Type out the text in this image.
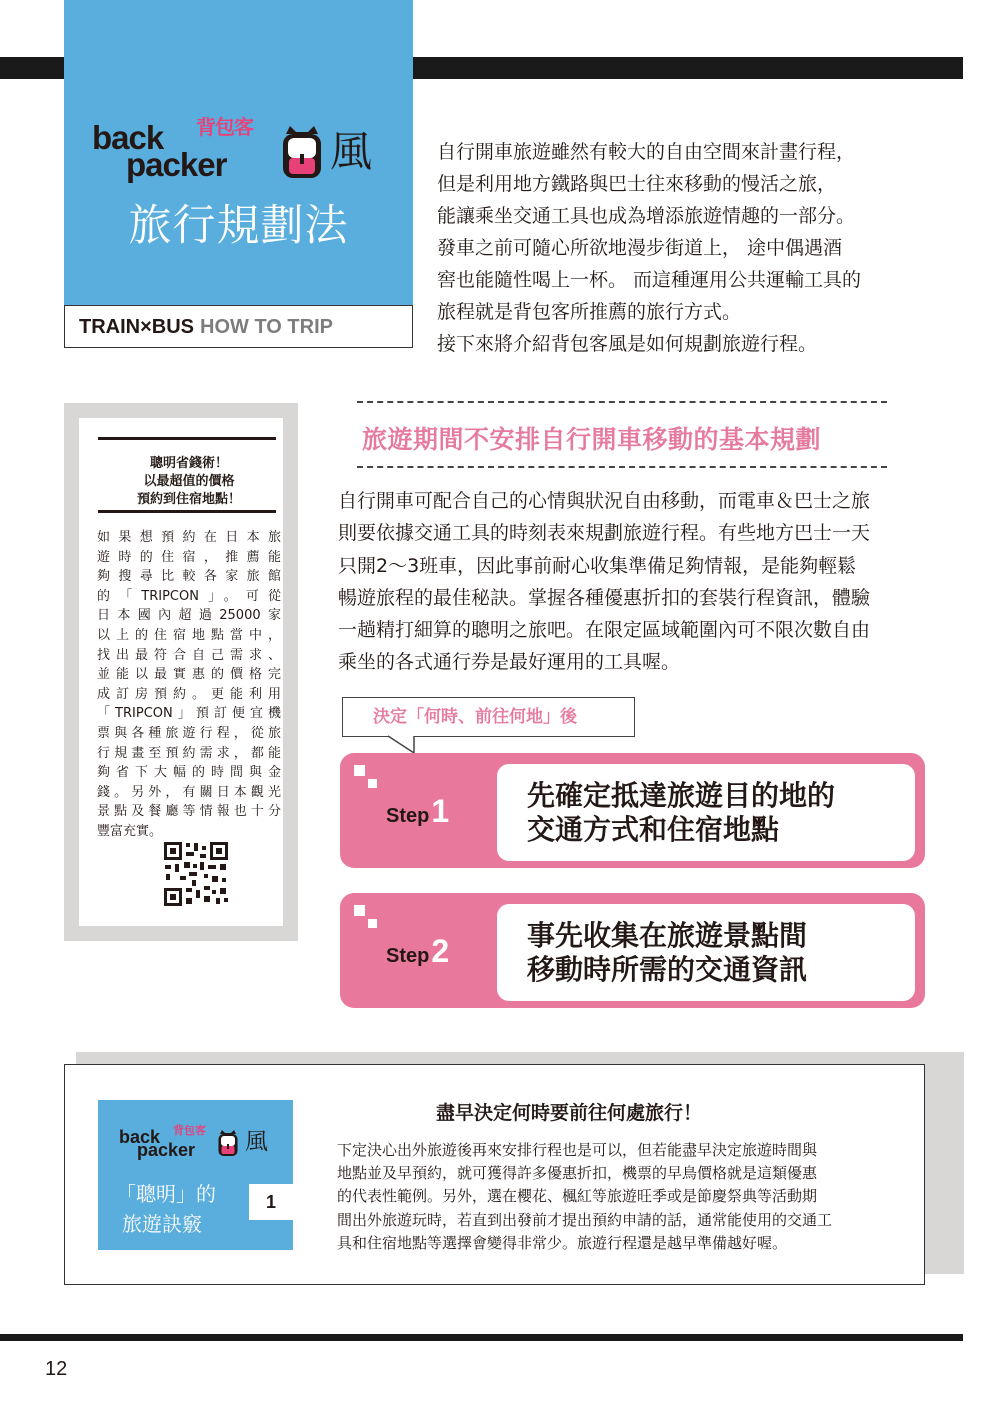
back
packer
背包客 風
旅行規劃法
TRAIN×BUS HOW TO TRIP

自行開車旅遊雖然有較大的自由空間來計畫行程，

但是利用地方鐵路與巴士往來移動的慢活之旅，

能讓乘坐交通工具也成為增添旅遊情趣的一部分。

發車之前可隨心所欲地漫步街道上， 途中偶遇酒

窖也能隨性喝上一杯。 而這種運用公共運輸工具的

旅程就是背包客所推薦的旅行方式。

接下來將介紹背包客風是如何規劃旅遊行程。

聰明省錢術！

以最超值的價格

預約到住宿地點！

如果想預約在日本旅

遊時的住宿，推薦能

夠搜尋比較各家旅館

的「TRIPCON」。可從

日本國內超過25000家

以上的住宿地點當中，

找出最符合自己需求、

並能以最實惠的價格完

成訂房預約。更能利用

「TRIPCON」預訂便宜機

票與各種旅遊行程，從旅

行規畫至預約需求，都能

夠省下大幅的時間與金

錢。另外，有關日本觀光

景點及餐廳等情報也十分

豐富充實。

旅遊期間不安排自行開車移動的基本規劃

自行開車可配合自己的心情與狀況自由移動，而電車＆巴士之旅

則要依據交通工具的時刻表來規劃旅遊行程。有些地方巴士一天

只開2～3班車，因此事前耐心收集準備足夠情報，是能夠輕鬆

暢遊旅程的最佳秘訣。掌握各種優惠折扣的套裝行程資訊，體驗

一趟精打細算的聰明之旅吧。在限定區域範圍內可不限次數自由

乘坐的各式通行券是最好運用的工具喔。

決定「何時、前往何地」後
Step1	先確定抵達旅遊目的地的

交通方式和住宿地點

Step2	事先收集在旅遊景點間

移動時所需的交通資訊

back
packer
背包客 風
「聰明」的
旅遊訣竅
1
盡早決定何時要前往何處旅行！

下定決心出外旅遊後再來安排行程也是可以，但若能盡早決定旅遊時間與

地點並及早預約，就可獲得許多優惠折扣，機票的早鳥價格就是這類優惠

的代表性範例。另外，選在櫻花、楓紅等旅遊旺季或是節慶祭典等活動期

間出外旅遊玩時，若直到出發前才提出預約申請的話，通常能使用的交通工

具和住宿地點等選擇會變得非常少。旅遊行程還是越早準備越好喔。

12
